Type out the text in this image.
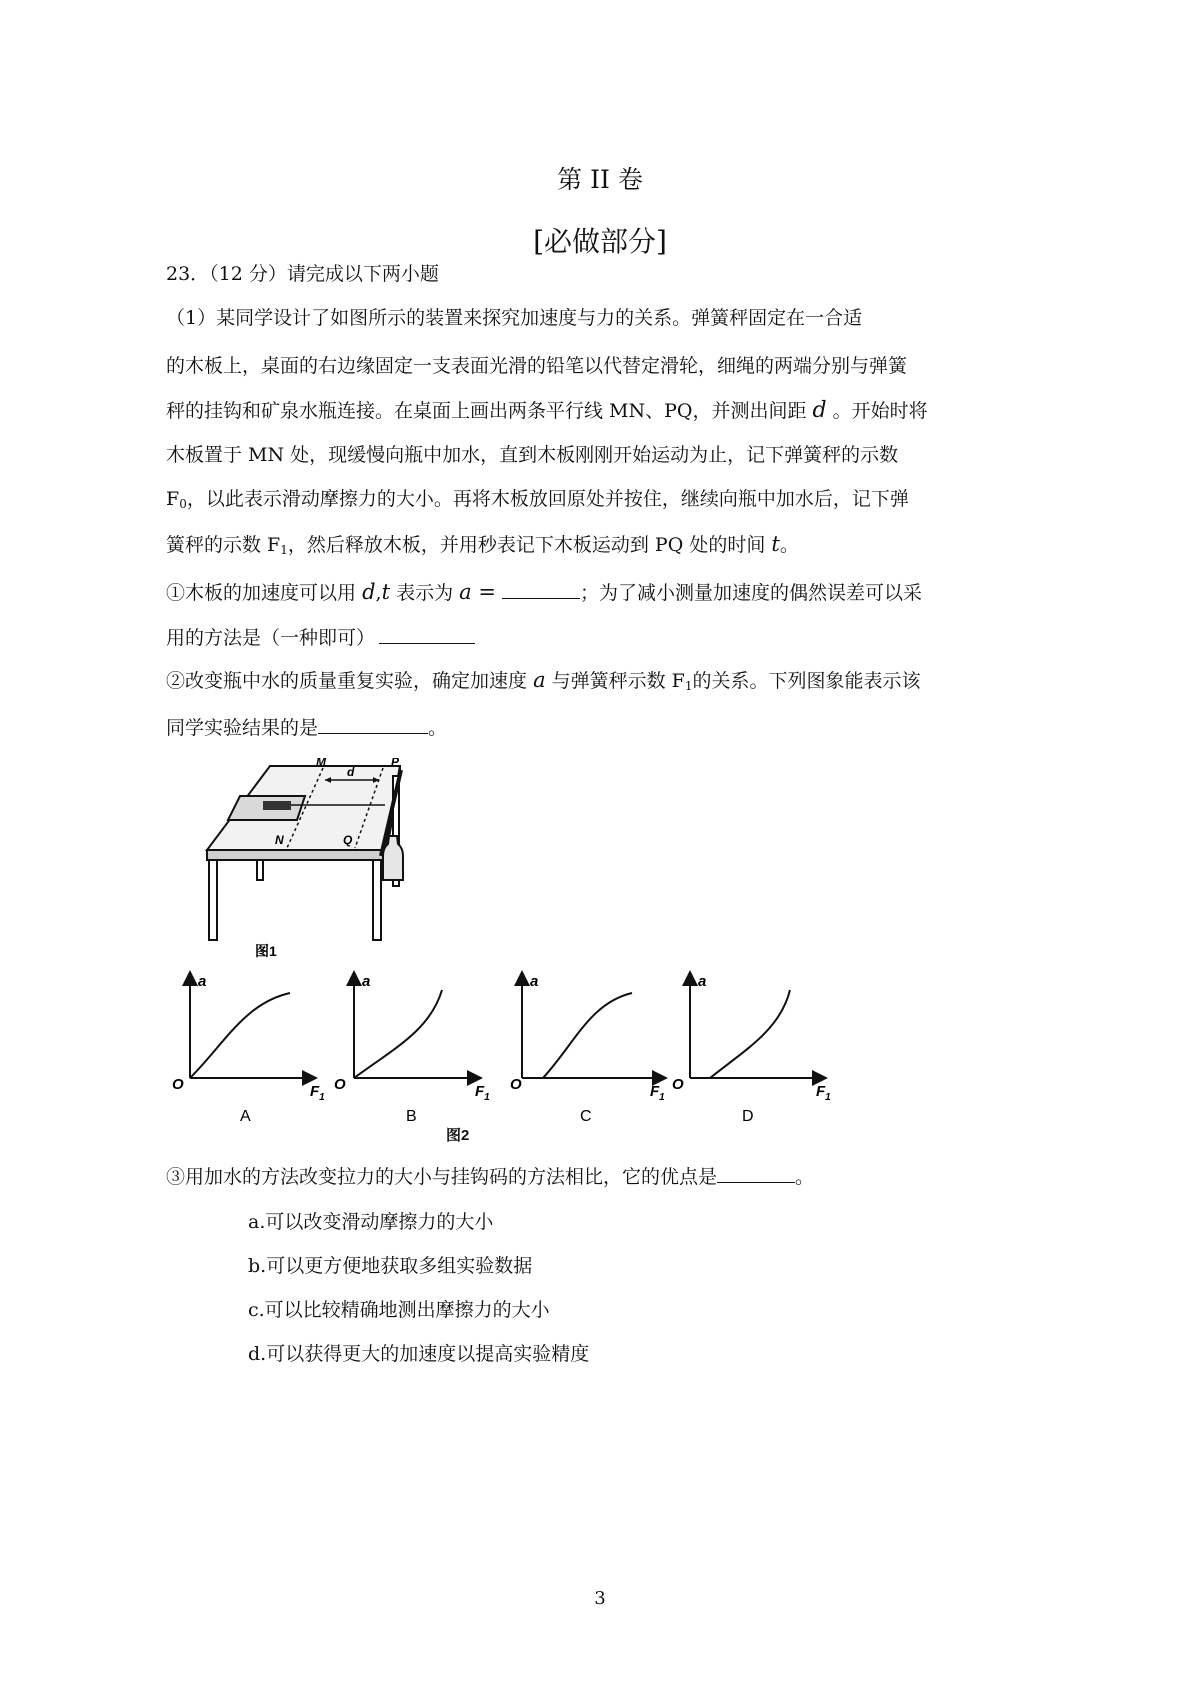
第 II 卷
[必做部分]
23．（12 分）请完成以下两小题
（1）某同学设计了如图所示的装置来探究加速度与力的关系。弹簧秤固定在一合适
的木板上，桌面的右边缘固定一支表面光滑的铅笔以代替定滑轮，细绳的两端分别与弹簧
秤的挂钩和矿泉水瓶连接。在桌面上画出两条平行线 MN、PQ，并测出间距 d 。开始时将
木板置于 MN 处，现缓慢向瓶中加水，直到木板刚刚开始运动为止，记下弹簧秤的示数
$F_0$，以此表示滑动摩擦力的大小。再将木板放回原处并按住，继续向瓶中加水后，记下弹
簧秤的示数 $F_1$，然后释放木板，并用秒表记下木板运动到 PQ 处的时间 t。
①木板的加速度可以用 d,t 表示为 a =	；为了减小测量加速度的偶然误差可以采
用的方法是（一种即可）
②改变瓶中水的质量重复实验，确定加速度 a 与弹簧秤示数 $F_1$的关系。下列图象能表示该
同学实验结果的是	。
M
N
P
Q
d
图1
a
O	$F_1$
A
a
O	$F_1$
B
a
O	$F_1$
C
a
O	$F_1$
D
图2
③用加水的方法改变拉力的大小与挂钩码的方法相比，它的优点是	。
a.可以改变滑动摩擦力的大小
b.可以更方便地获取多组实验数据
c.可以比较精确地测出摩擦力的大小
d.可以获得更大的加速度以提高实验精度
3
